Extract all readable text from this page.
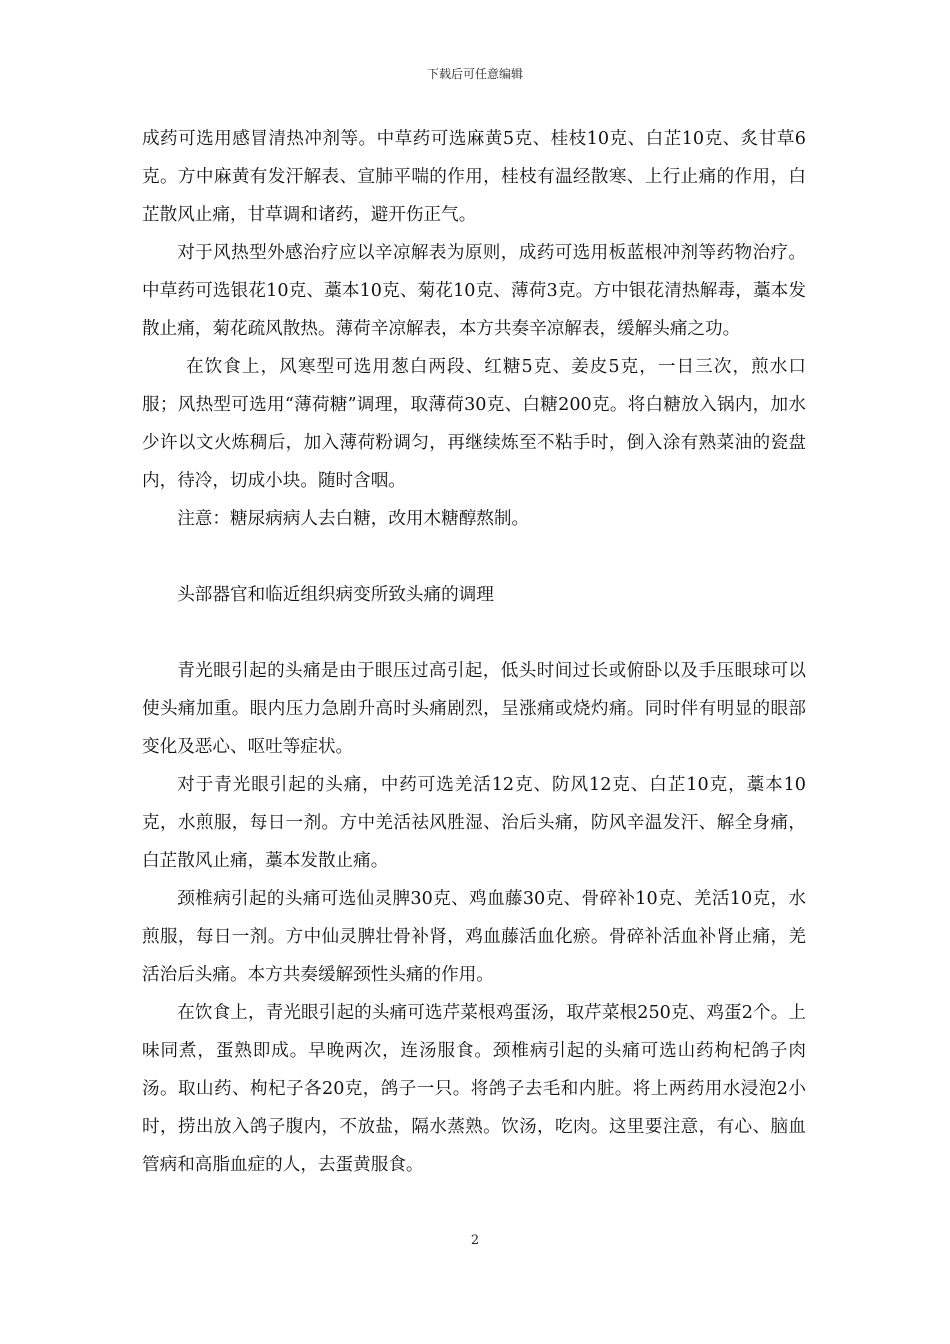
下载后可任意编辑

成药可选用感冒清热冲剂等。中草药可选麻黄5克、桂枝10克、白芷10克、炙甘草6克。方中麻黄有发汗解表、宣肺平喘的作用，桂枝有温经散寒、上行止痛的作用，白芷散风止痛，甘草调和诸药，避开伤正气。

对于风热型外感治疗应以辛凉解表为原则，成药可选用板蓝根冲剂等药物治疗。中草药可选银花10克、藁本10克、菊花10克、薄荷3克。方中银花清热解毒，藁本发散止痛，菊花疏风散热。薄荷辛凉解表，本方共奏辛凉解表，缓解头痛之功。

在饮食上，风寒型可选用葱白两段、红糖5克、姜皮5克，一日三次，煎水口服；风热型可选用“薄荷糖”调理，取薄荷30克、白糖200克。将白糖放入锅内，加水少许以文火炼稠后，加入薄荷粉调匀，再继续炼至不粘手时，倒入涂有熟菜油的瓷盘内，待冷，切成小块。随时含咽。

注意：糖尿病病人去白糖，改用木糖醇熬制。

头部器官和临近组织病变所致头痛的调理

青光眼引起的头痛是由于眼压过高引起，低头时间过长或俯卧以及手压眼球可以使头痛加重。眼内压力急剧升高时头痛剧烈，呈涨痛或烧灼痛。同时伴有明显的眼部变化及恶心、呕吐等症状。

对于青光眼引起的头痛，中药可选羌活12克、防风12克、白芷10克，藁本10克，水煎服，每日一剂。方中羌活祛风胜湿、治后头痛，防风辛温发汗、解全身痛，白芷散风止痛，藁本发散止痛。

颈椎病引起的头痛可选仙灵脾30克、鸡血藤30克、骨碎补10克、羌活10克，水煎服，每日一剂。方中仙灵脾壮骨补肾，鸡血藤活血化瘀。骨碎补活血补肾止痛，羌活治后头痛。本方共奏缓解颈性头痛的作用。

在饮食上，青光眼引起的头痛可选芹菜根鸡蛋汤，取芹菜根250克、鸡蛋2个。上味同煮，蛋熟即成。早晚两次，连汤服食。颈椎病引起的头痛可选山药枸杞鸽子肉汤。取山药、枸杞子各20克，鸽子一只。将鸽子去毛和内脏。将上两药用水浸泡2小时，捞出放入鸽子腹内，不放盐，隔水蒸熟。饮汤，吃肉。这里要注意，有心、脑血管病和高脂血症的人，去蛋黄服食。

2
